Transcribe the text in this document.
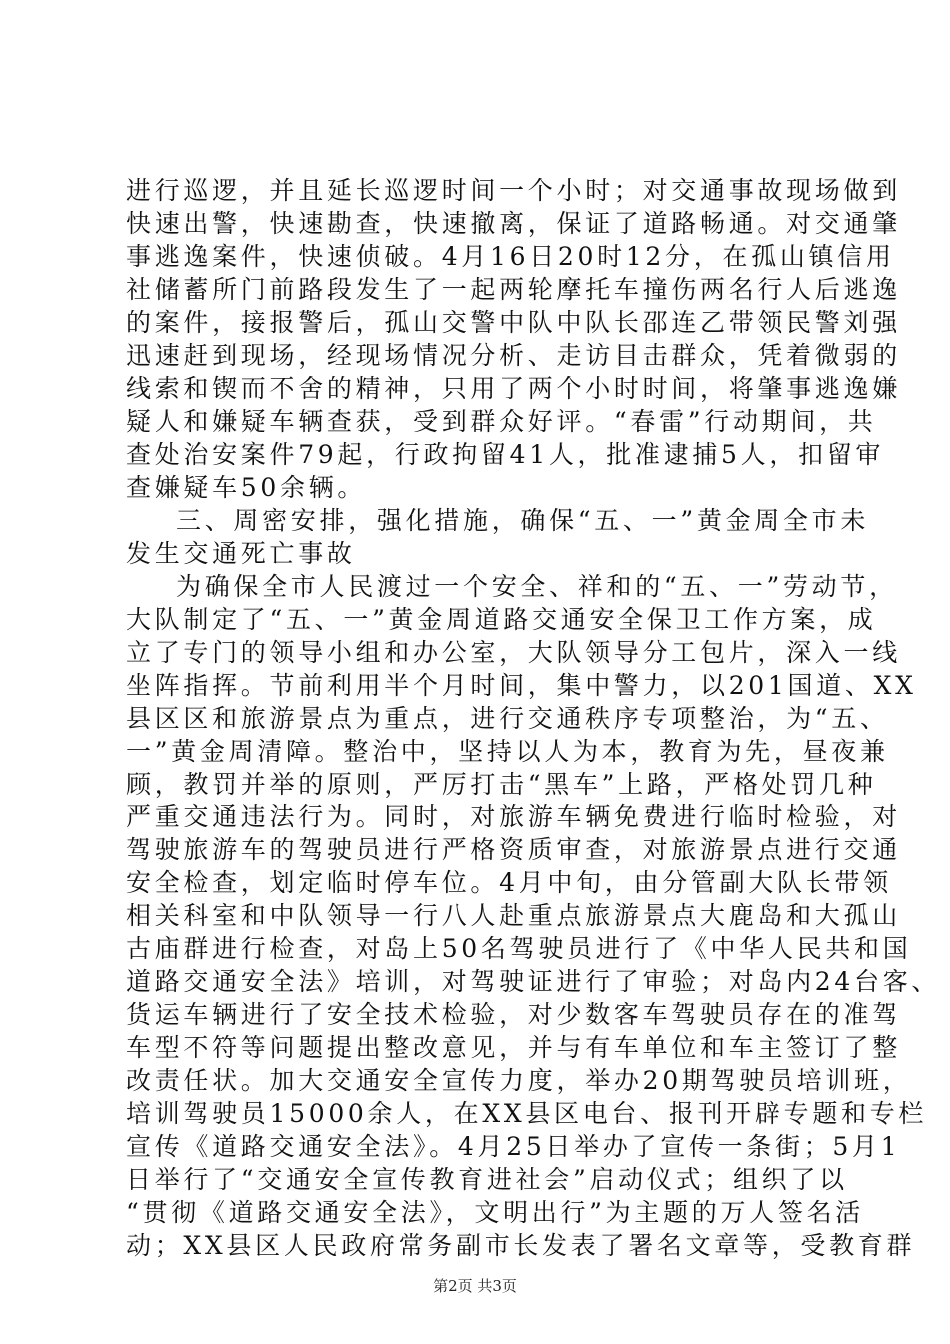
进行巡逻，并且延长巡逻时间一个小时；对交通事故现场做到
快速出警，快速勘查，快速撤离，保证了道路畅通。对交通肇
事逃逸案件，快速侦破。4月16日20时12分，在孤山镇信用
社储蓄所门前路段发生了一起两轮摩托车撞伤两名行人后逃逸
的案件，接报警后，孤山交警中队中队长邵连乙带领民警刘强
迅速赶到现场，经现场情况分析、走访目击群众，凭着微弱的
线索和锲而不舍的精神，只用了两个小时时间，将肇事逃逸嫌
疑人和嫌疑车辆查获，受到群众好评。“春雷”行动期间，共
查处治安案件79起，行政拘留41人，批准逮捕5人，扣留审
查嫌疑车50余辆。
三、周密安排，强化措施，确保“五、一”黄金周全市未
发生交通死亡事故
为确保全市人民渡过一个安全、祥和的“五、一”劳动节，
大队制定了“五、一”黄金周道路交通安全保卫工作方案，成
立了专门的领导小组和办公室，大队领导分工包片，深入一线
坐阵指挥。节前利用半个月时间，集中警力，以201国道、XX
县区区和旅游景点为重点，进行交通秩序专项整治，为“五、
一”黄金周清障。整治中，坚持以人为本，教育为先，昼夜兼
顾，教罚并举的原则，严厉打击“黑车”上路，严格处罚几种
严重交通违法行为。同时，对旅游车辆免费进行临时检验，对
驾驶旅游车的驾驶员进行严格资质审查，对旅游景点进行交通
安全检查，划定临时停车位。4月中旬，由分管副大队长带领
相关科室和中队领导一行八人赴重点旅游景点大鹿岛和大孤山
古庙群进行检查，对岛上50名驾驶员进行了《中华人民共和国
道路交通安全法》培训，对驾驶证进行了审验；对岛内24台客、
货运车辆进行了安全技术检验，对少数客车驾驶员存在的准驾
车型不符等问题提出整改意见，并与有车单位和车主签订了整
改责任状。加大交通安全宣传力度，举办20期驾驶员培训班，
培训驾驶员15000余人，在XX县区电台、报刊开辟专题和专栏
宣传《道路交通安全法》。4月25日举办了宣传一条街；5月1
日举行了“交通安全宣传教育进社会”启动仪式；组织了以
“贯彻《道路交通安全法》，文明出行”为主题的万人签名活
动；XX县区人民政府常务副市长发表了署名文章等，受教育群
第2页 共3页
